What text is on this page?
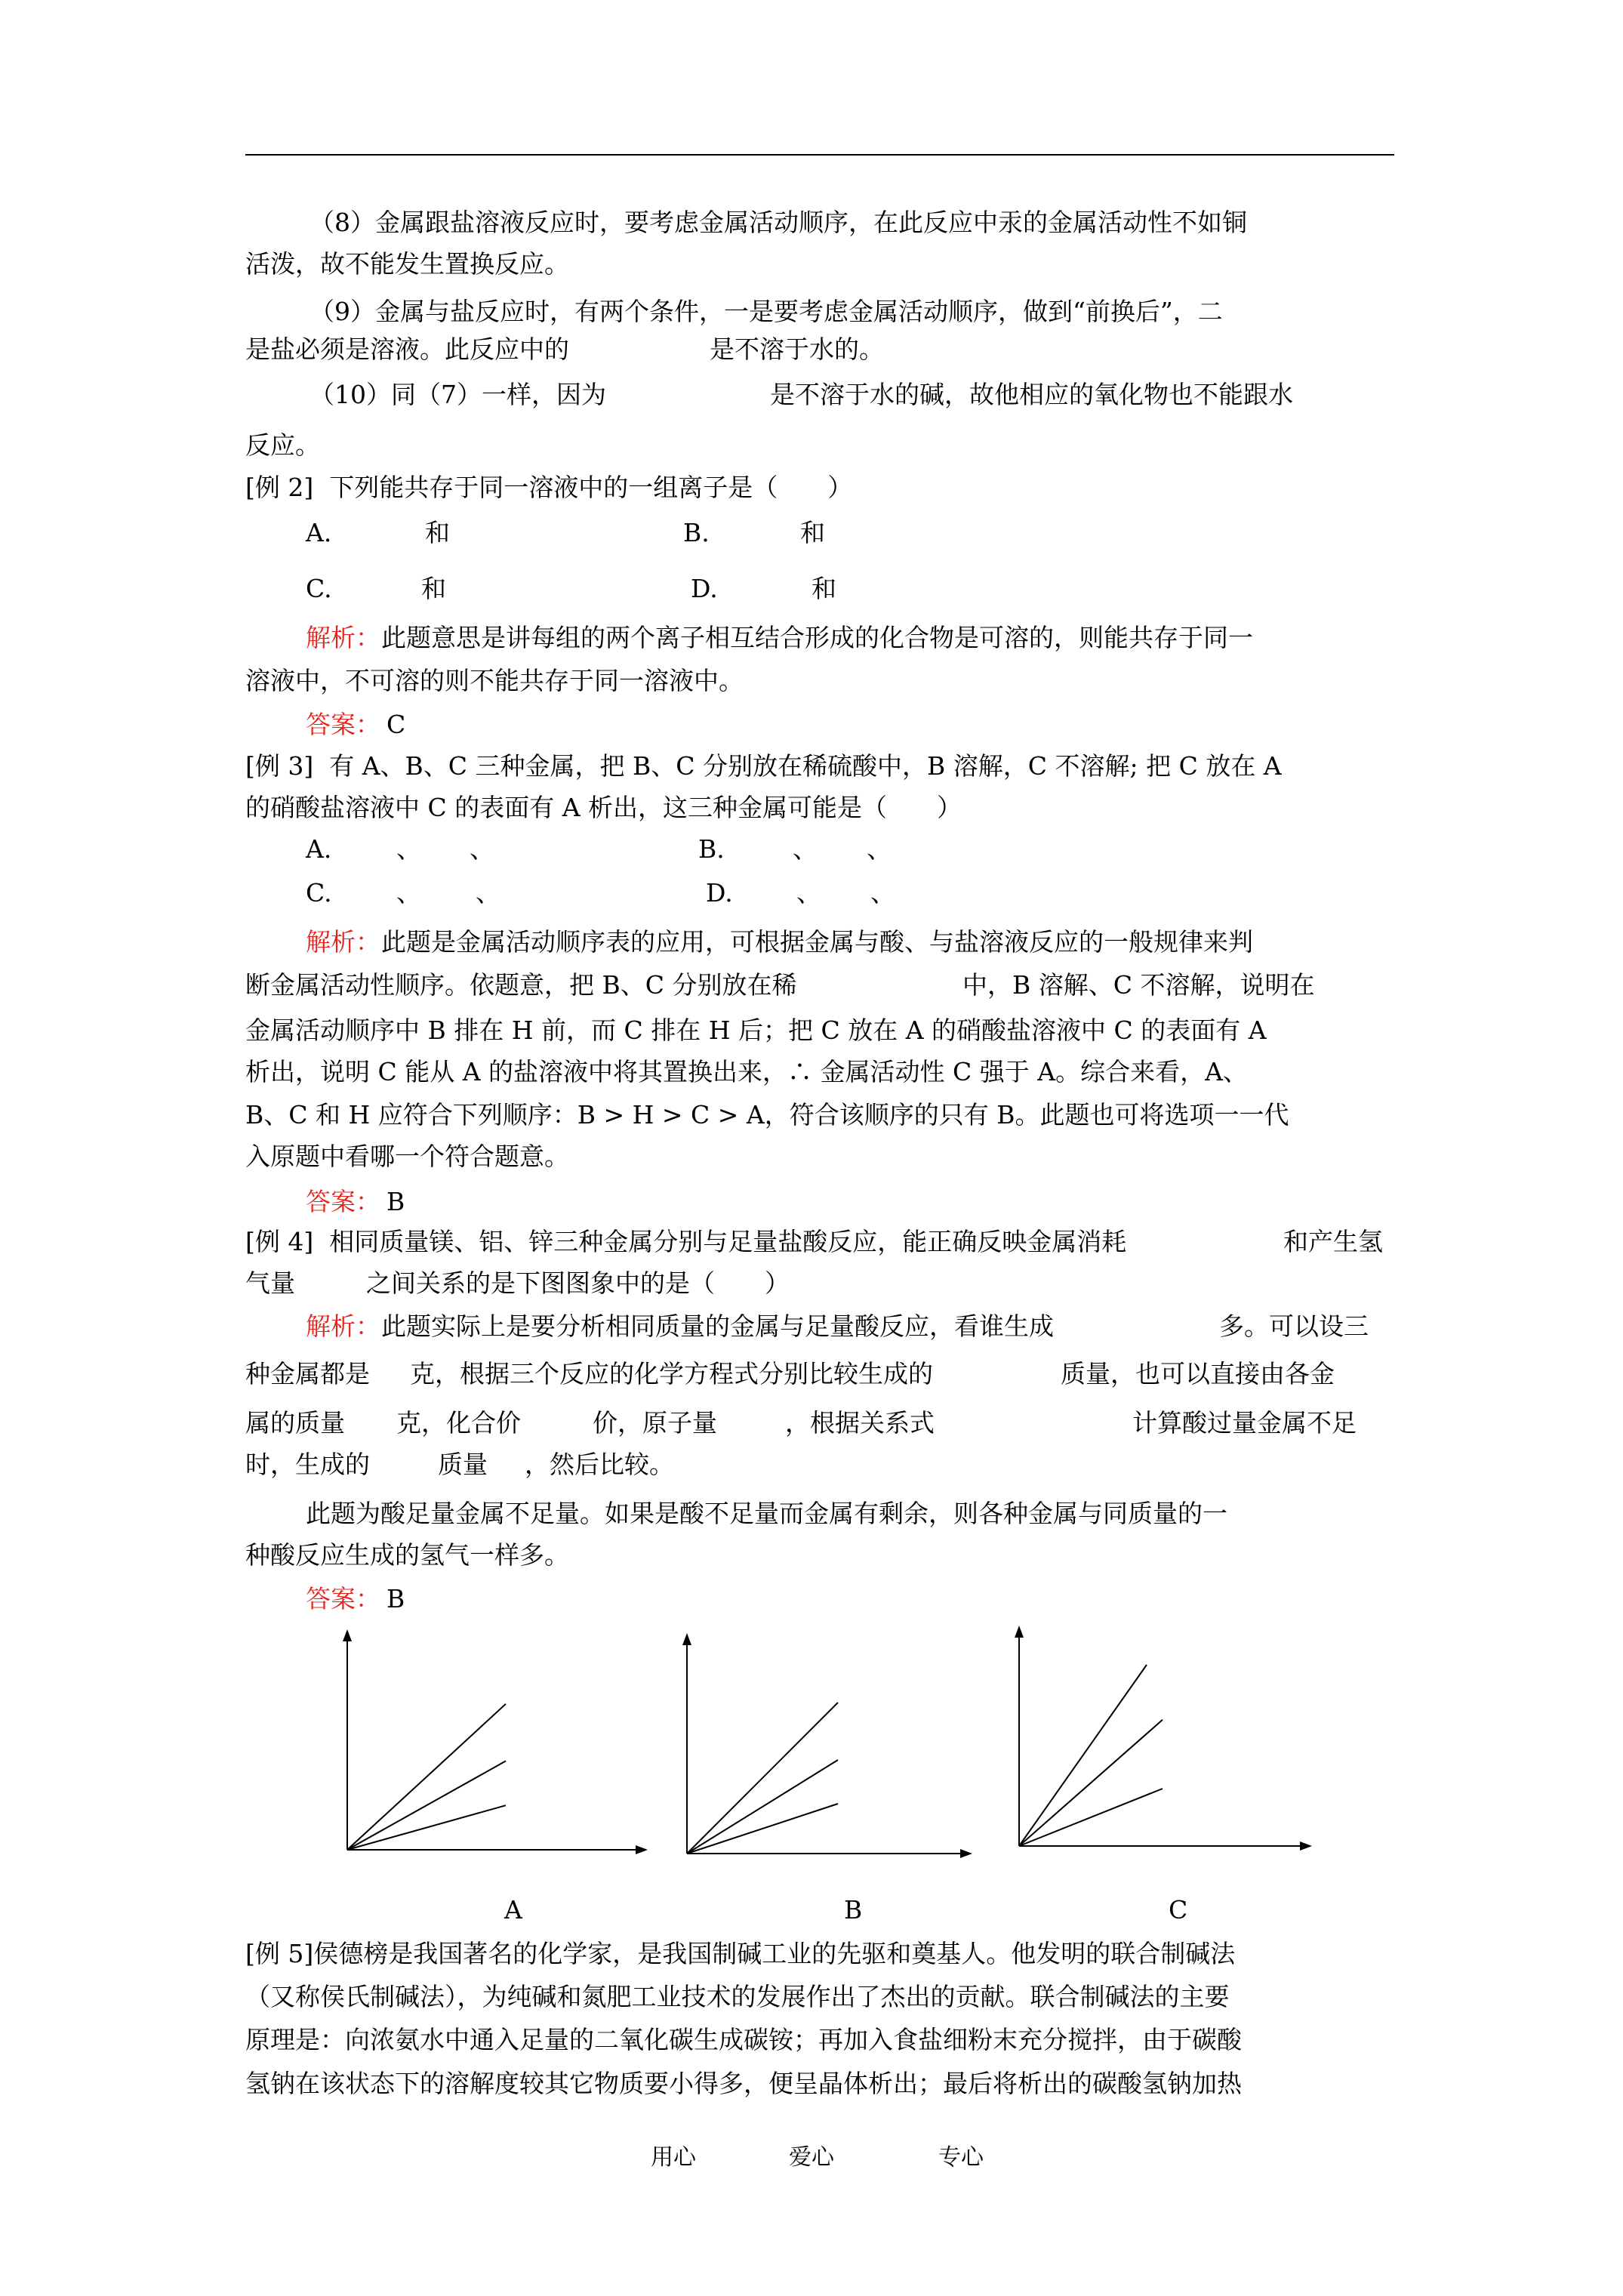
（8）金属跟盐溶液反应时，要考虑金属活动顺序，在此反应中汞的金属活动性不如铜
活泼，故不能发生置换反应。
（9）金属与盐反应时，有两个条件，一是要考虑金属活动顺序，做到“前换后”，二
是盐必须是溶液。此反应中的	是不溶于水的。
（10）同（7）一样，因为	是不溶于水的碱，故他相应的氧化物也不能跟水
反应。
[例 2]  下列能共存于同一溶液中的一组离子是（　　）
A.	和	B.	和
C.	和	D.	和
解析： 此题意思是讲每组的两个离子相互结合形成的化合物是可溶的，则能共存于同一
溶液中，不可溶的则不能共存于同一溶液中。
答案： C
[例 3]  有 A、B、C 三种金属，把 B、C 分别放在稀硫酸中，B 溶解，C 不溶解; 把 C 放在 A
的硝酸盐溶液中 C 的表面有 A 析出，这三种金属可能是（　　）
A.	、 、	B.	、 、
C.	、 、	D.	、 、
解析： 此题是金属活动顺序表的应用，可根据金属与酸、与盐溶液反应的一般规律来判
断金属活动性顺序。依题意，把 B、C 分别放在稀	中，B 溶解、C 不溶解，说明在
金属活动顺序中 B 排在 H 前，而 C 排在 H 后；把 C 放在 A 的硝酸盐溶液中 C 的表面有 A
析出，说明 C 能从 A 的盐溶液中将其置换出来，∴ 金属活动性 C 强于 A。综合来看，A、
B、C 和 H 应符合下列顺序：B > H > C > A，符合该顺序的只有 B。此题也可将选项一一代
入原题中看哪一个符合题意。
答案： B
[例 4]  相同质量镁、铝、锌三种金属分别与足量盐酸反应，能正确反映金属消耗	和产生氢
气量	之间关系的是下图图象中的是（　　）
解析： 此题实际上是要分析相同质量的金属与足量酸反应，看谁生成	多。可以设三
种金属都是 克，根据三个反应的化学方程式分别比较生成的	质量，也可以直接由各金
属的质量 克，化合价	价，原子量	，根据关系式	计算酸过量金属不足
时，生成的	质量 ，然后比较。
此题为酸足量金属不足量。如果是酸不足量而金属有剩余，则各种金属与同质量的一
种酸反应生成的氢气一样多。
答案： B
A	B	C
[例 5]侯德榜是我国著名的化学家，是我国制碱工业的先驱和奠基人。他发明的联合制碱法
（又称侯氏制碱法），为纯碱和氮肥工业技术的发展作出了杰出的贡献。联合制碱法的主要
原理是：向浓氨水中通入足量的二氧化碳生成碳铵；再加入食盐细粉末充分搅拌，由于碳酸
氢钠在该状态下的溶解度较其它物质要小得多，便呈晶体析出；最后将析出的碳酸氢钠加热
用心	爱心	专心
